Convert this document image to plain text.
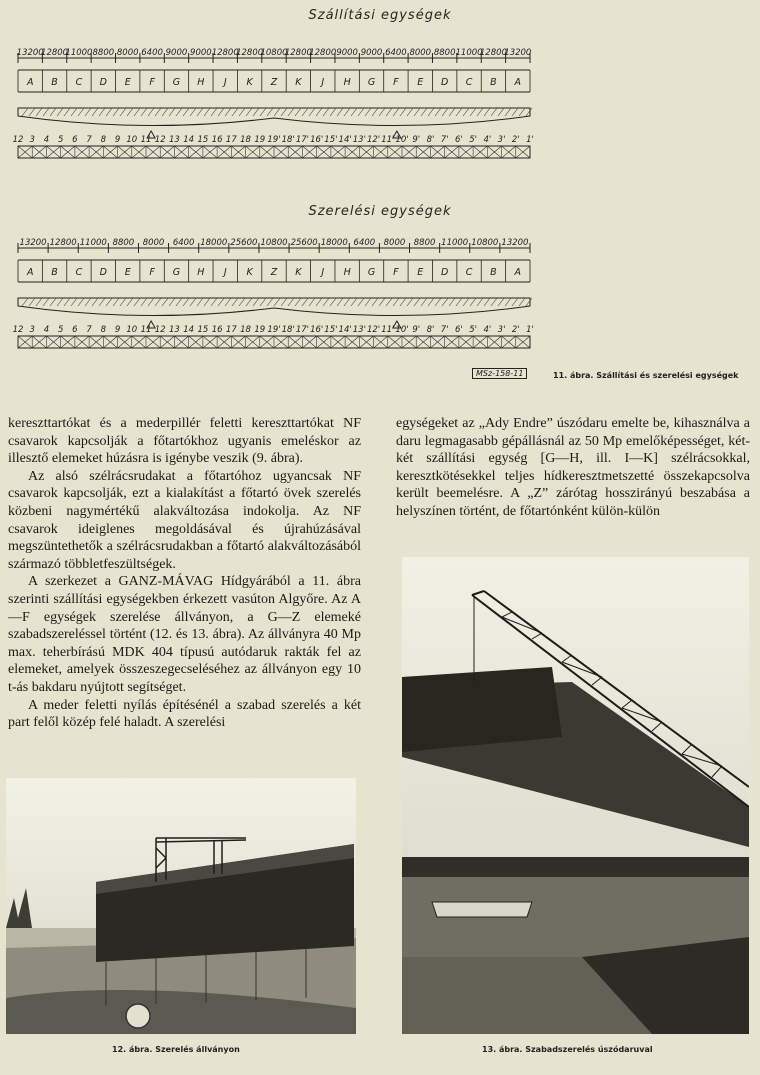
Szállítási egységek
13200
12800
11000 8800 8000 6400 9000 9000 12800
12800
10800
12800
12800 9000 9000 6400 8000 8800 11000
12800
13200
A B C D E F G H J K Z K J H G F E D C B A
12 3 4 5 6 7 8 9 10 11 12 13 14 15 16 17 18 19 19' 18' 17' 16' 15' 14' 13' 12' 11' 10' 9' 8' 7' 6' 5' 4' 3' 2' 1'
Szerelési egységek
13200 12800 11000 8800 8000 6400 18000 25600 10800 25600 18000 6400 8000 8800 11000 10800 13200
A B C D E F G H J K Z K J H G F E D C B A
12 3 4 5 6 7 8 9 10 11 12 13 14 15 16 17 18 19 19' 18' 17' 16' 15' 14' 13' 12' 11' 10' 9' 8' 7' 6' 5' 4' 3' 2' 1'
MSz-158-11	11. ábra. Szállítási és szerelési egységek

kereszttartókat és a mederpillér feletti kereszttartókat NF csavarok kapcsolják a főtartókhoz ugyanis emeléskor az illesztő elemeket húzásra is igénybe veszik (9. ábra).

Az alsó szélrácsrudakat a főtartóhoz ugyancsak NF csavarok kapcsolják, ezt a kialakítást a főtartó övek szerelés közbeni nagymértékű alakváltozása indokolja. Az NF csavarok ideiglenes megoldásával és újrahúzásával megszüntethetők a szélrácsrudakban a főtartó alakváltozásából származó többletfeszültségek.

A szerkezet a GANZ-MÁVAG Hídgyárából a 11. ábra szerinti szállítási egységekben érkezett vasúton Algyőre. Az A—F egységek szerelése állványon, a G—Z elemeké szabadszereléssel történt (12. és 13. ábra). Az állványra 40 Mp max. teherbírású MDK 404 típusú autódaruk rakták fel az elemeket, amelyek összeszegecseléséhez az állványon egy 10 t-ás bakdaru nyújtott segítséget.

A meder feletti nyílás építésénél a szabad szerelés a két part felől közép felé haladt. A szerelési

egységeket az „Ady Endre” úszódaru emelte be, kihasználva a daru legmagasabb gépállásnál az 50 Mp emelőképességet, két-két szállítási egység [G—H, ill. I—K] szélrácsokkal, keresztkötésekkel teljes hídkeresztmetszetté összekapcsolva került beemelésre. A „Z” zárótag hosszirányú beszabása a helyszínen történt, de főtartónként külön-külön

12. ábra. Szerelés állványon	13. ábra. Szabadszerelés úszódaruval
